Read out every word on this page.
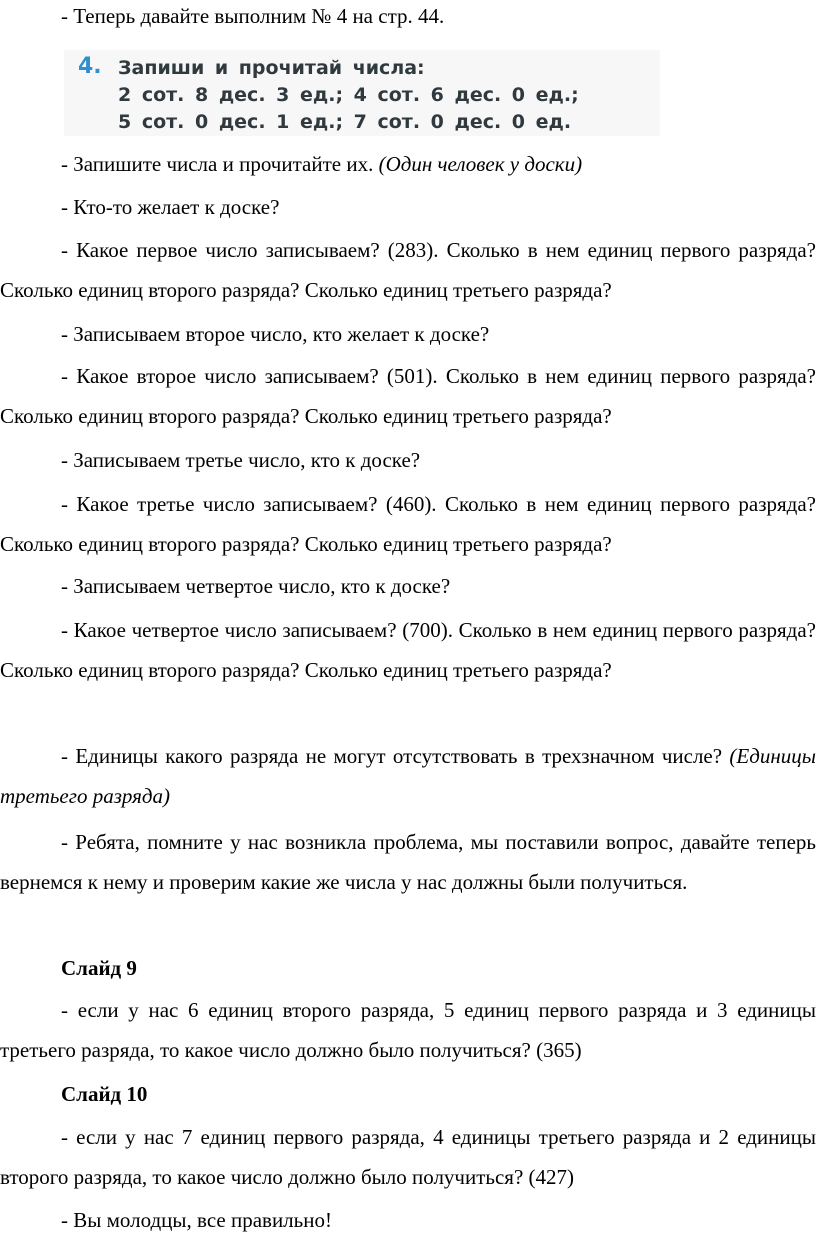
- Теперь давайте выполним № 4 на стр. 44.

4. Запиши и прочитай числа:
2 сот. 8 дес. 3 ед.; 4 сот. 6 дес. 0 ед.;
5 сот. 0 дес. 1 ед.; 7 сот. 0 дес. 0 ед.

- Запишите числа и прочитайте их. (Один человек у доски)

- Кто-то желает к доске?

- Какое первое число записываем? (283). Сколько в нем единиц первого разряда? Сколько единиц второго разряда? Сколько единиц третьего разряда?

- Записываем второе число, кто желает к доске?

- Какое второе число записываем? (501). Сколько в нем единиц первого разряда? Сколько единиц второго разряда? Сколько единиц третьего разряда?

- Записываем третье число, кто к доске?

- Какое третье число записываем? (460). Сколько в нем единиц первого разряда? Сколько единиц второго разряда? Сколько единиц третьего разряда?

- Записываем четвертое число, кто к доске?

- Какое четвертое число записываем? (700). Сколько в нем единиц первого разряда? Сколько единиц второго разряда? Сколько единиц третьего разряда?

- Единицы какого разряда не могут отсутствовать в трехзначном числе? (Единицы третьего разряда)

- Ребята, помните у нас возникла проблема, мы поставили вопрос, давайте теперь вернемся к нему и проверим какие же числа у нас должны были получиться.

Слайд 9

- если у нас 6 единиц второго разряда, 5 единиц первого разряда и 3 единицы третьего разряда, то какое число должно было получиться? (365)

Слайд 10

- если у нас 7 единиц первого разряда, 4 единицы третьего разряда и 2 единицы второго разряда, то какое число должно было получиться? (427)

- Вы молодцы, все правильно!
